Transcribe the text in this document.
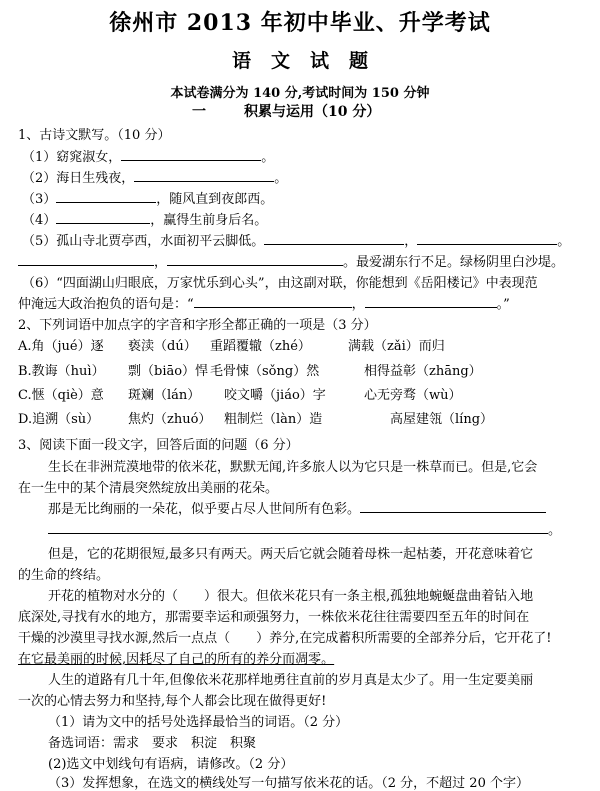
徐州市 2013 年初中毕业、升学考试
语文试题
本试卷满分为 140 分,考试时间为 150 分钟
一	积累与运用（10 分）
1、古诗文默写。（10 分）
（1）窈窕淑女，	。
（2）海日生残夜，	。
（3）	，随风直到夜郎西。
（4）	，赢得生前身后名。
（5）孤山寺北贾亭西，水面初平云脚低。	，	。
，	。最爱湖东行不足。绿杨阴里白沙堤。
（6）“四面湖山归眼底，万家忧乐到心头”，由这副对联，你能想到《岳阳楼记》中表现范
仲淹远大政治抱负的语句是：“	，	。”
2、下列词语中加点字的字音和字形全都正确的一项是（3 分）
A.角（jué）逐 亵渎（dú） 重蹈覆辙（zhé）	满载（zǎi）而归
B.教诲（huì） 剽（biāo）悍 毛骨悚（sǒng）然	相得益彰（zhāng）
C.惬（qiè）意 斑斓（lán） 咬文嚼（jiáo）字	心无旁骛（wù）
D.追溯（sù） 焦灼（zhuó） 粗制烂（làn）造	高屋建瓴（líng）
3、阅读下面一段文字，回答后面的问题（6 分）
生长在非洲荒漠地带的依米花，默默无闻,许多旅人以为它只是一株草而已。但是,它会
在一生中的某个清晨突然绽放出美丽的花朵。
那是无比绚丽的一朵花，似乎要占尽人世间所有色彩。
。
但是，它的花期很短,最多只有两天。两天后它就会随着母株一起枯萎，开花意味着它
的生命的终结。
开花的植物对水分的（　　）很大。但依米花只有一条主根,孤独地蜿蜒盘曲着钻入地
底深处,寻找有水的地方，那需要幸运和顽强努力，一株依米花往往需要四至五年的时间在
干燥的沙漠里寻找水源,然后一点点（　　）养分,在完成蓄积所需要的全部养分后，它开花了!
在它最美丽的时候,因耗尽了自己的所有的养分而凋零。
人生的道路有几十年,但像依米花那样地勇往直前的岁月真是太少了。用一生定要美丽
一次的心情去努力和坚持,每个人都会比现在做得更好!
（1）请为文中的括号处选择最恰当的词语。（2 分）
备选词语：需求　要求　积淀　积聚
(2)选文中划线句有语病，请修改。（2 分）
（3）发挥想象，在选文的横线处写一句描写依米花的话。（2 分，不超过 20 个字）
